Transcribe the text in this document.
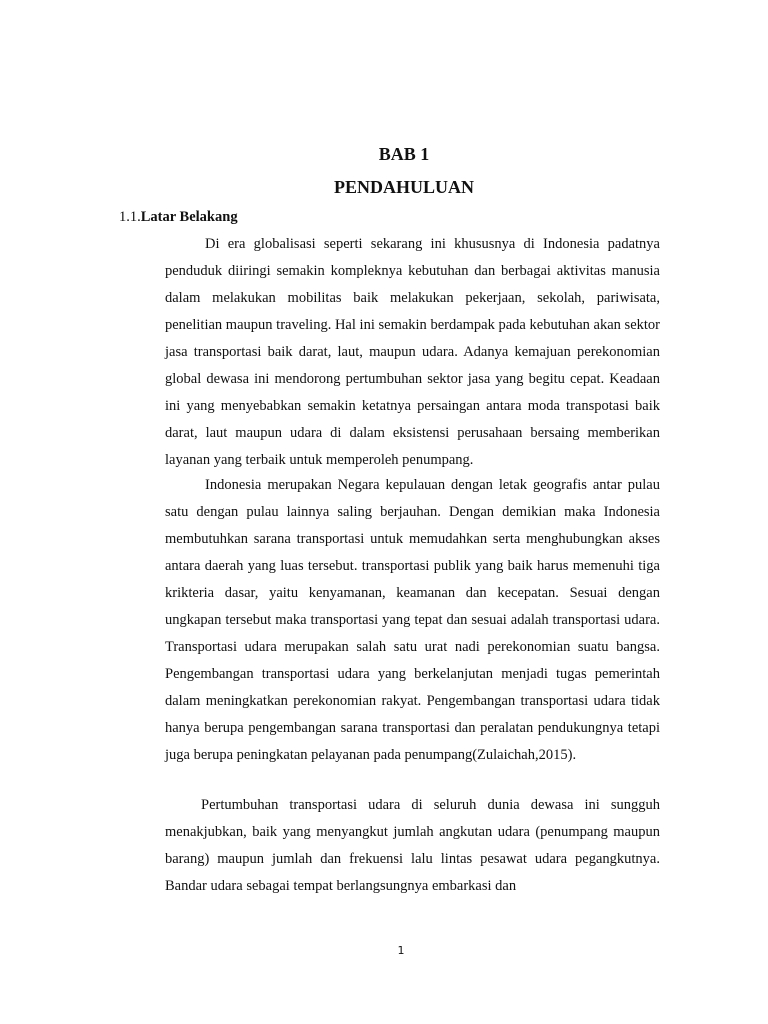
BAB 1
PENDAHULUAN

1.1.Latar Belakang

Di era globalisasi seperti sekarang ini khususnya di Indonesia padatnya penduduk diiringi semakin kompleknya kebutuhan dan berbagai aktivitas manusia dalam melakukan mobilitas baik melakukan pekerjaan, sekolah, pariwisata, penelitian maupun traveling. Hal ini semakin berdampak pada kebutuhan akan sektor jasa transportasi baik darat, laut, maupun udara. Adanya kemajuan perekonomian global dewasa ini mendorong pertumbuhan sektor jasa yang begitu cepat. Keadaan ini yang menyebabkan semakin ketatnya persaingan antara moda transpotasi baik darat, laut maupun udara di dalam eksistensi perusahaan bersaing memberikan layanan yang terbaik untuk memperoleh penumpang.

Indonesia merupakan Negara kepulauan dengan letak geografis antar pulau satu dengan pulau lainnya saling berjauhan. Dengan demikian maka Indonesia membutuhkan sarana transportasi untuk memudahkan serta menghubungkan akses antara daerah yang luas tersebut. transportasi publik yang baik harus memenuhi tiga krikteria dasar, yaitu kenyamanan, keamanan dan kecepatan. Sesuai dengan ungkapan tersebut maka transportasi yang tepat dan sesuai adalah transportasi udara. Transportasi udara merupakan salah satu urat nadi perekonomian suatu bangsa. Pengembangan transportasi udara yang berkelanjutan menjadi tugas pemerintah dalam meningkatkan perekonomian rakyat. Pengembangan transportasi udara tidak hanya berupa pengembangan sarana transportasi dan peralatan pendukungnya tetapi juga berupa peningkatan pelayanan pada penumpang(Zulaichah,2015).

Pertumbuhan transportasi udara di seluruh dunia dewasa ini sungguh menakjubkan, baik yang menyangkut jumlah angkutan udara (penumpang maupun barang) maupun jumlah dan frekuensi lalu lintas pesawat udara pegangkutnya. Bandar udara sebagai tempat berlangsungnya embarkasi dan

1
